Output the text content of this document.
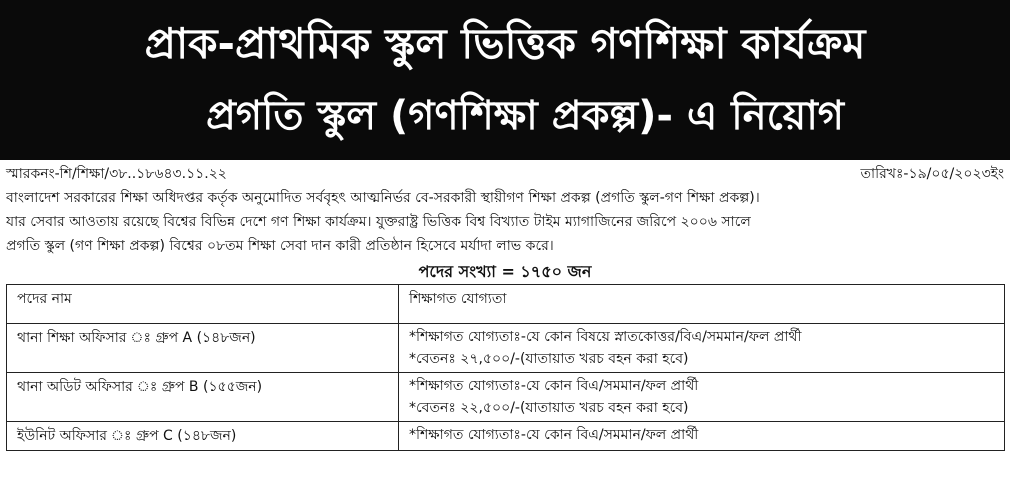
প্রাক-প্রাথমিক স্কুল ভিত্তিক গণশিক্ষা কার্যক্রম
প্রগতি স্কুল (গণশিক্ষা প্রকল্প)- এ নিয়োগ
স্মারকনং-শি/শিক্ষা/৩৮..১৮৬৪৩.১১.২২	তারিখঃ-১৯/০৫/২০২৩ইং

বাংলাদেশ সরকারের শিক্ষা অধিদপ্তর কর্তৃক অনুমোদিত সর্ববৃহৎ আত্মনির্ভর বে-সরকারী স্থায়ীগণ শিক্ষা প্রকল্প (প্রগতি স্কুল-গণ শিক্ষা প্রকল্প)।
যার সেবার আওতায় রয়েছে বিশ্বের বিভিন্ন দেশে গণ শিক্ষা কার্যক্রম। যুক্তরাষ্ট্র ভিত্তিক বিশ্ব বিখ্যাত টাইম ম্যাগাজিনের জরিপে ২০০৬ সালে
প্রগতি স্কুল (গণ শিক্ষা প্রকল্প) বিশ্বের ০৮তম শিক্ষা সেবা দান কারী প্রতিষ্ঠান হিসেবে মর্যাদা লাভ করে।

পদের সংখ্যা = ১৭৫০ জন
পদের নাম	শিক্ষাগত যোগ্যতা
থানা শিক্ষা অফিসার ঃ গ্রুপ A (১৪৮জন)	*শিক্ষাগত যোগ্যতাঃ-যে কোন বিষয়ে স্নাতকোত্তর/বিএ/সমমান/ফল প্রার্থী
*বেতনঃ ২৭,৫০০/-(যাতায়াত খরচ বহন করা হবে)

থানা অডিট অফিসার ঃ গ্রুপ B (১৫৫জন)	*শিক্ষাগত যোগ্যতাঃ-যে কোন বিএ/সমমান/ফল প্রার্থী
*বেতনঃ ২২,৫০০/-(যাতায়াত খরচ বহন করা হবে)

ইউনিট অফিসার ঃ গ্রুপ C (১৪৮জন)	*শিক্ষাগত যোগ্যতাঃ-যে কোন বিএ/সমমান/ফল প্রার্থী
